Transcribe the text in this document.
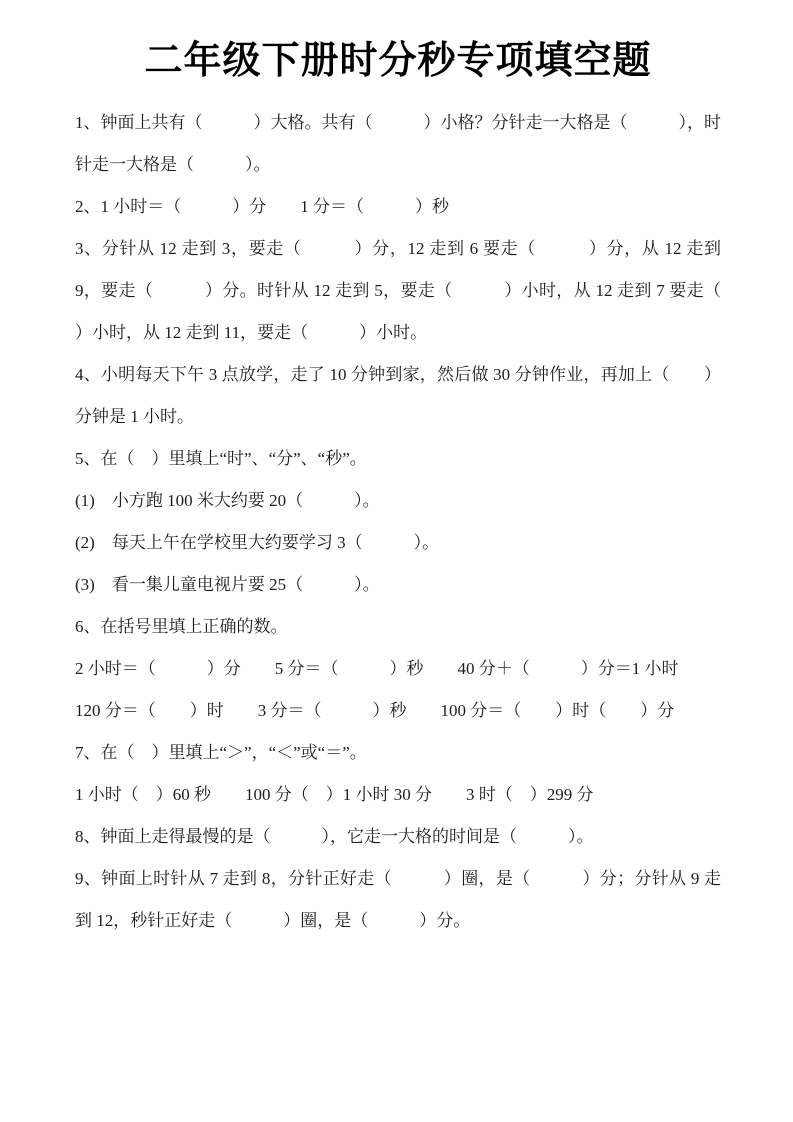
二年级下册时分秒专项填空题

1、钟面上共有（　　　）大格。共有（　　　）小格？分针走一大格是（　　　），时针走一大格是（　　　）。

2、1 小时＝（　　　）分　　1 分＝（　　　）秒

3、分针从 12 走到 3，要走（　　　）分，12 走到 6 要走（　　　）分，从 12 走到 9，要走（　　　）分。时针从 12 走到 5，要走（　　　）小时，从 12 走到 7 要走（　　　）小时，从 12 走到 11，要走（　　　）小时。

4、小明每天下午 3 点放学，走了 10 分钟到家，然后做 30 分钟作业，再加上（　　）分钟是 1 小时。

5、在（　）里填上“时”、“分”、“秒”。

(1)　小方跑 100 米大约要 20（　　　）。

(2)　每天上午在学校里大约要学习 3（　　　）。

(3)　看一集儿童电视片要 25（　　　）。

6、在括号里填上正确的数。

2 小时＝（　　　）分　　5 分＝（　　　）秒　　40 分＋（　　　）分＝1 小时

120 分＝（　　）时　　3 分＝（　　　）秒　　100 分＝（　　）时（　　）分

7、在（　）里填上“＞”，“＜”或“＝”。

1 小时（　）60 秒　　100 分（　）1 小时 30 分　　3 时（　）299 分

8、钟面上走得最慢的是（　　　），它走一大格的时间是（　　　）。

9、钟面上时针从 7 走到 8，分针正好走（　　　）圈，是（　　　）分；分针从 9 走到 12，秒针正好走（　　　）圈，是（　　　）分。
